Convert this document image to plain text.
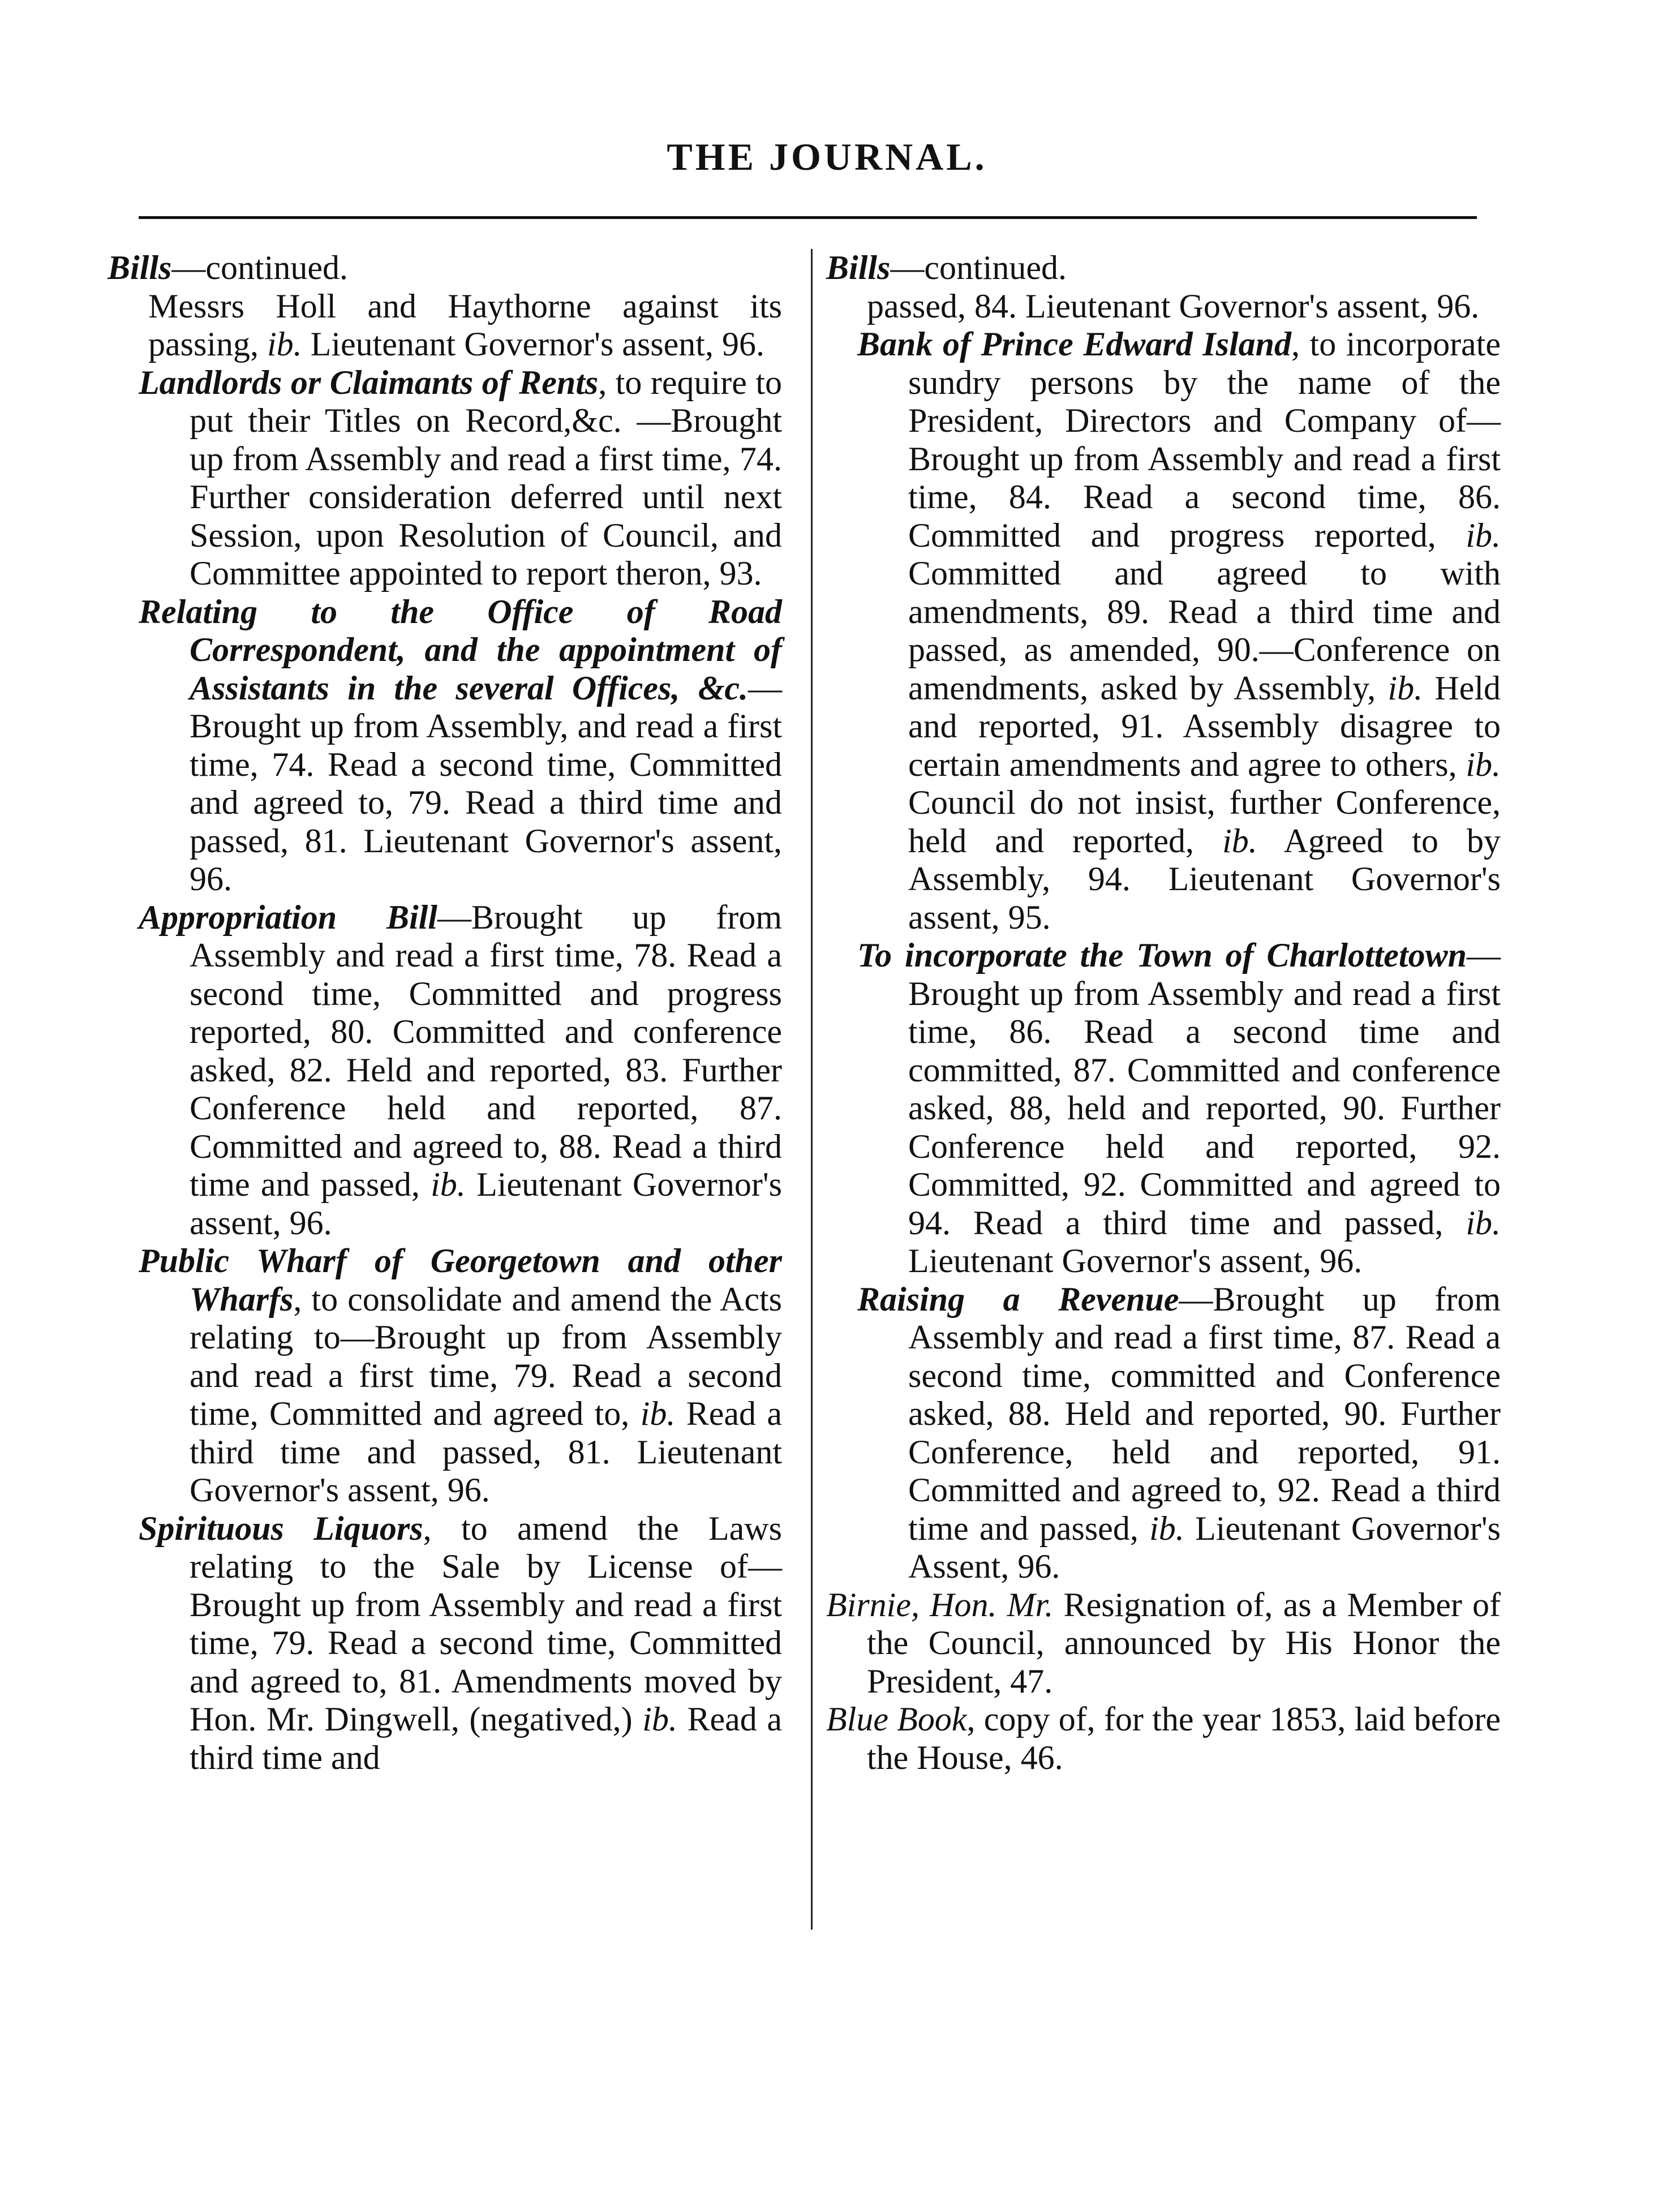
THE JOURNAL.

Bills—continued.

Messrs Holl and Haythorne against its passing, ib. Lieutenant Governor's assent, 96.

Landlords or Claimants of Rents, to require to put their Titles on Record,&c. —Brought up from Assembly and read a first time, 74. Further consideration deferred until next Session, upon Resolution of Council, and Committee appointed to report theron, 93.

Relating to the Office of Road Correspondent, and the appointment of Assistants in the several Offices, &c.— Brought up from Assembly, and read a first time, 74. Read a second time, Committed and agreed to, 79. Read a third time and passed, 81. Lieutenant Governor's assent, 96.

Appropriation Bill—Brought up from Assembly and read a first time, 78. Read a second time, Committed and progress reported, 80. Committed and conference asked, 82. Held and reported, 83. Further Conference held and reported, 87. Committed and agreed to, 88. Read a third time and passed, ib. Lieutenant Governor's assent, 96.

Public Wharf of Georgetown and other Wharfs, to consolidate and amend the Acts relating to—Brought up from Assembly and read a first time, 79. Read a second time, Committed and agreed to, ib. Read a third time and passed, 81. Lieutenant Governor's assent, 96.

Spirituous Liquors, to amend the Laws relating to the Sale by License of— Brought up from Assembly and read a first time, 79. Read a second time, Committed and agreed to, 81. Amendments moved by Hon. Mr. Dingwell, (negatived,) ib. Read a third time and

Bills—continued.

passed, 84. Lieutenant Governor's assent, 96.

Bank of Prince Edward Island, to incorporate sundry persons by the name of the President, Directors and Company of—Brought up from Assembly and read a first time, 84. Read a second time, 86. Committed and progress reported, ib. Committed and agreed to with amendments, 89. Read a third time and passed, as amended, 90.—Conference on amendments, asked by Assembly, ib. Held and reported, 91. Assembly disagree to certain amendments and agree to others, ib. Council do not insist, further Conference, held and reported, ib. Agreed to by Assembly, 94. Lieutenant Governor's assent, 95.

To incorporate the Town of Charlottetown—Brought up from Assembly and read a first time, 86. Read a second time and committed, 87. Committed and conference asked, 88, held and reported, 90. Further Conference held and reported, 92. Committed, 92. Committed and agreed to 94. Read a third time and passed, ib. Lieutenant Governor's assent, 96.

Raising a Revenue—Brought up from Assembly and read a first time, 87. Read a second time, committed and Conference asked, 88. Held and reported, 90. Further Conference, held and reported, 91. Committed and agreed to, 92. Read a third time and passed, ib. Lieutenant Governor's Assent, 96.

Birnie, Hon. Mr. Resignation of, as a Member of the Council, announced by His Honor the President, 47.

Blue Book, copy of, for the year 1853, laid before the House, 46.
